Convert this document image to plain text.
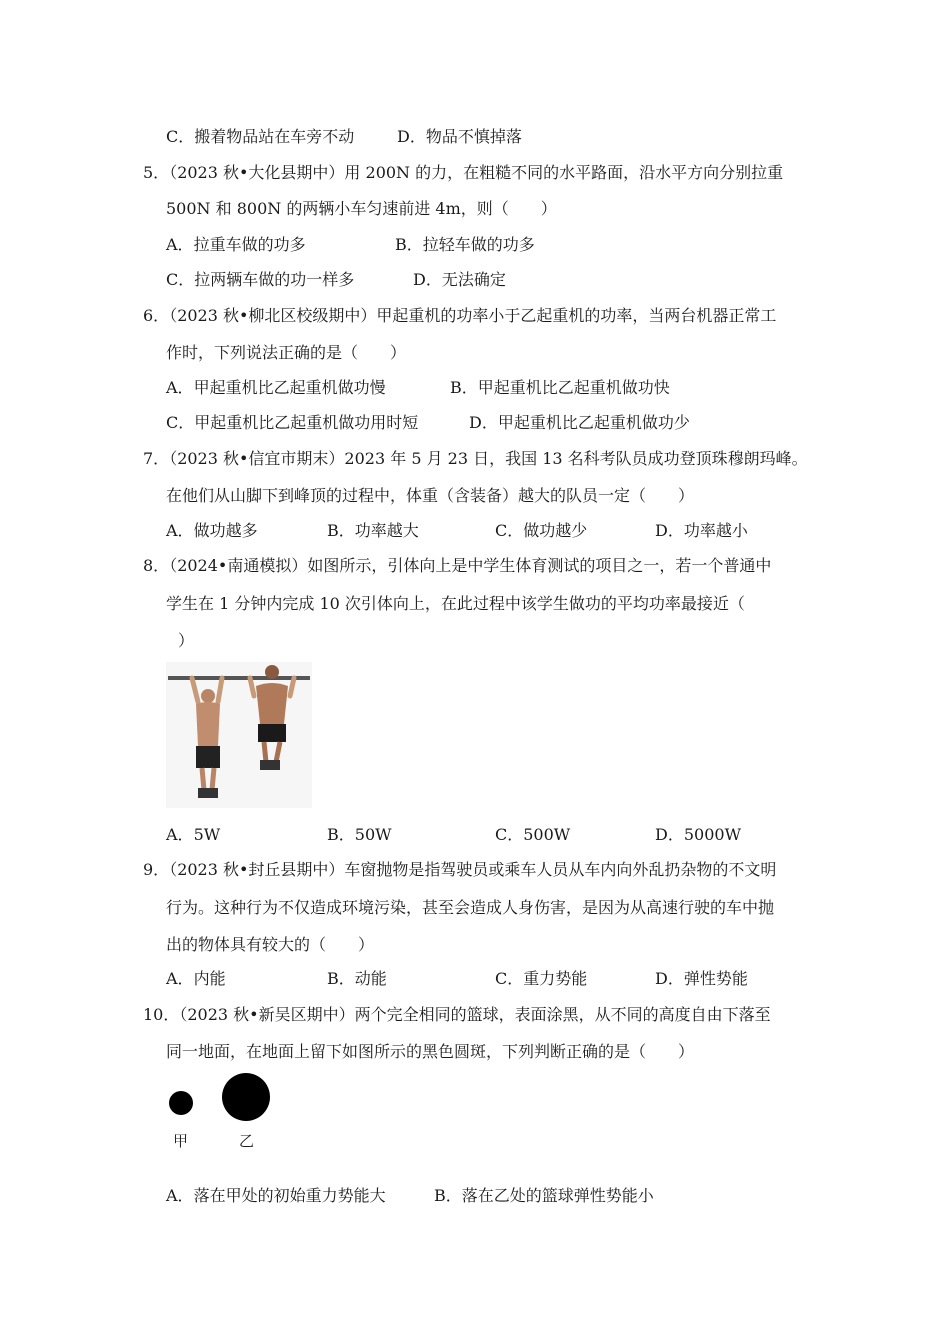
C．搬着物品站在车旁不动	D．物品不慎掉落
5．（2023 秋•大化县期中）用 200N 的力，在粗糙不同的水平路面，沿水平方向分别拉重
500N 和 800N 的两辆小车匀速前进 4m，则（　　）
A．拉重车做的功多	B．拉轻车做的功多
C．拉两辆车做的功一样多	D．无法确定
6．（2023 秋•柳北区校级期中）甲起重机的功率小于乙起重机的功率，当两台机器正常工
作时，下列说法正确的是（　　）
A．甲起重机比乙起重机做功慢	B．甲起重机比乙起重机做功快
C．甲起重机比乙起重机做功用时短	D．甲起重机比乙起重机做功少
7．（2023 秋•信宜市期末）2023 年 5 月 23 日，我国 13 名科考队员成功登顶珠穆朗玛峰。
在他们从山脚下到峰顶的过程中，体重（含装备）越大的队员一定（　　）
A．做功越多	B．功率越大	C．做功越少	D．功率越小
8．（2024•南通模拟）如图所示，引体向上是中学生体育测试的项目之一，若一个普通中
学生在 1 分钟内完成 10 次引体向上，在此过程中该学生做功的平均功率最接近（
）
A．5W	B．50W	C．500W	D．5000W
9．（2023 秋•封丘县期中）车窗抛物是指驾驶员或乘车人员从车内向外乱扔杂物的不文明
行为。这种行为不仅造成环境污染，甚至会造成人身伤害，是因为从高速行驶的车中抛
出的物体具有较大的（　　）
A．内能	B．动能	C．重力势能	D．弹性势能
10．（2023 秋•新吴区期中）两个完全相同的篮球，表面涂黑，从不同的高度自由下落至
同一地面，在地面上留下如图所示的黑色圆斑，下列判断正确的是（　　）
甲	乙
A．落在甲处的初始重力势能大	B．落在乙处的篮球弹性势能小
